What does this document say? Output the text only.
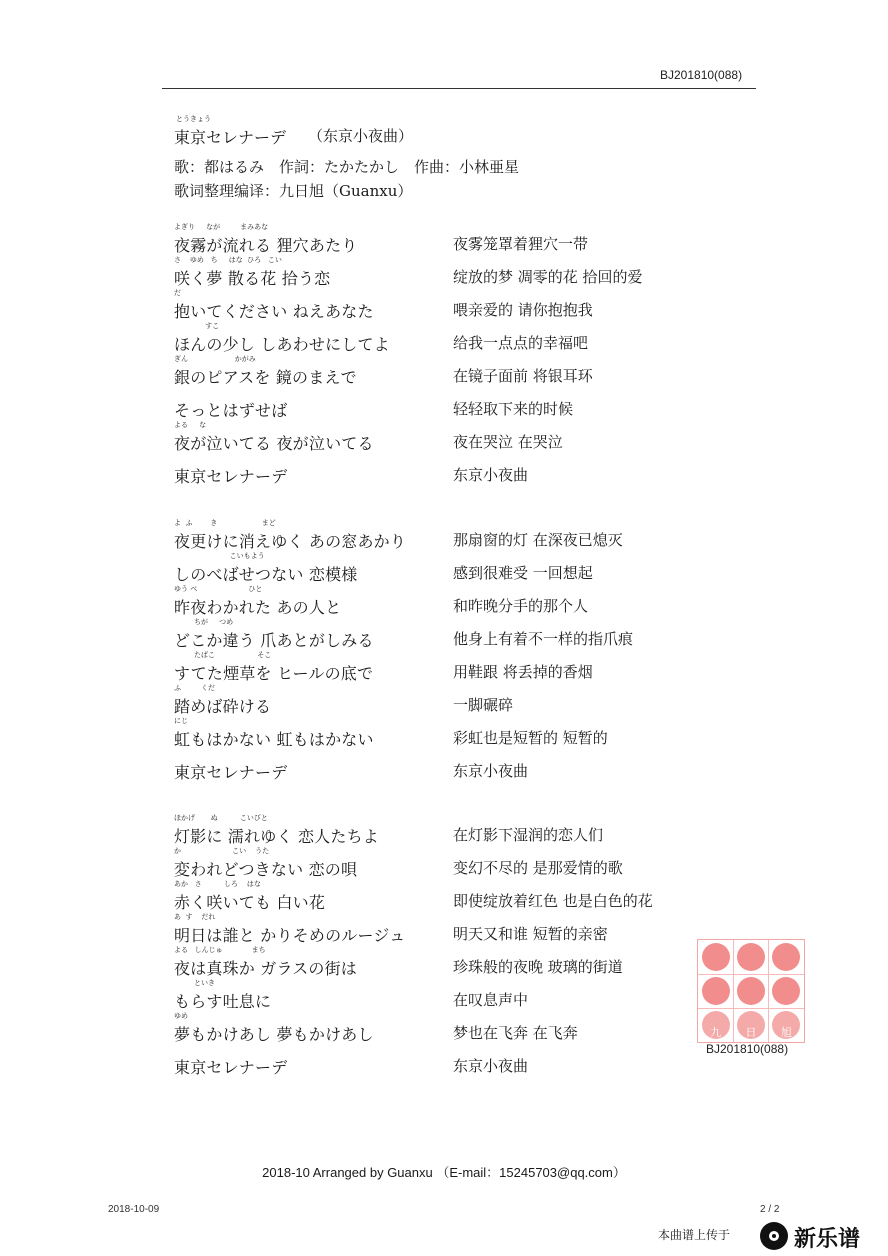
BJ201810(088)
とうきょう
東京セレナーデ （东京小夜曲）
歌：都はるみ　作詞：たかたかし　作曲：小林亜星
歌词整理编译：九日旭（Guanxu）
よぎり     なが         まみあな
夜霧が流れる 狸穴あたり	夜雾笼罩着狸穴一带
さ    ゆめ   ち     はな  ひろ   こい
咲く夢 散る花 拾う恋	绽放的梦 凋零的花 拾回的爱
だ
抱いてください ねえあなた	喂亲爱的 请你抱抱我
すこ
ほんの少し しあわせにしてよ	给我一点点的幸福吧
ぎん                     かがみ
銀のピアスを 鏡のまえで	在镜子面前 将银耳环
そっとはずせば	轻轻取下来的时候
よる     な
夜が泣いてる 夜が泣いてる	夜在哭泣 在哭泣
東京セレナーデ	东京小夜曲
よ  ふ        き                    まど
夜更けに消えゆく あの窓あかり	那扇窗的灯 在深夜已熄灭
こいもよう
しのべばせつない 恋模様	感到很难受 一回想起
ゆう べ                       ひと
昨夜わかれた あの人と	和昨晚分手的那个人
ちが     つめ
どこか違う 爪あとがしみる	他身上有着不一样的指爪痕
たばこ                   そこ
すてた煙草を ヒールの底で	用鞋跟 将丢掉的香烟
ふ         くだ
踏めば砕ける	一脚碾碎
にじ
虹もはかない 虹もはかない	彩虹也是短暂的 短暂的
東京セレナーデ	东京小夜曲
ほかげ       ぬ          こいびと
灯影に 濡れゆく 恋人たちよ	在灯影下湿润的恋人们
か                       こい    うた
変われどつきない 恋の唄	变幻不尽的 是那爱情的歌
あか   さ          しろ    はな
赤く咲いても 白い花	即使绽放着红色 也是白色的花
あ  す    だれ
明日は誰と かりそめのルージュ	明天又和谁 短暂的亲密
よる   しんじゅ             まち
夜は真珠か ガラスの街は	珍珠般的夜晚 玻璃的街道
といき
もらす吐息に	在叹息声中
ゆめ
夢もかけあし 夢もかけあし	梦也在飞奔 在飞奔
東京セレナーデ	东京小夜曲
九 日 旭
BJ201810(088)
2018-10 Arranged by Guanxu （E-mail：15245703@qq.com）
2018-10-09	2 / 2
本曲谱上传于	新乐谱
